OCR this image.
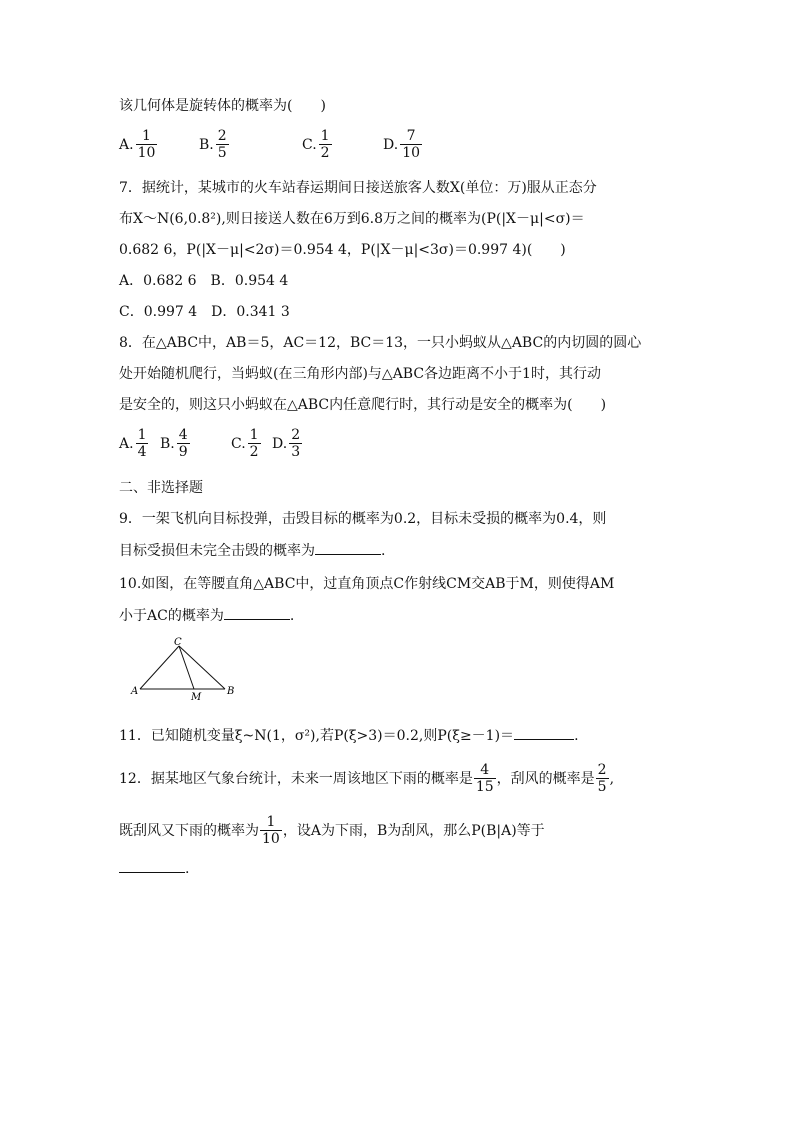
该几何体是旋转体的概率为(　　)
A. $\frac{1}{10}$	B. $\frac{2}{5}$	C. $\frac{1}{2}$	D. $\frac{7}{10}$
7．据统计，某城市的火车站春运期间日接送旅客人数X(单位：万)服从正态分
布X～N(6,0.8²),则日接送人数在6万到6.8万之间的概率为(P(|X－μ|<σ)＝
0.682 6，P(|X－μ|<2σ)＝0.954 4，P(|X－μ|<3σ)＝0.997 4)(　　)
A．0.682 6　B．0.954 4
C．0.997 4　D．0.341 3
8．在△ABC中，AB＝5，AC＝12，BC＝13，一只小蚂蚁从△ABC的内切圆的圆心
处开始随机爬行，当蚂蚁(在三角形内部)与△ABC各边距离不小于1时，其行动
是安全的，则这只小蚂蚁在△ABC内任意爬行时，其行动是安全的概率为(　　)
A. $\frac{1}{4} B$. $\frac{4}{9}$	C. $\frac{1}{2} D$. $\frac{2}{3}$
二、非选择题
9．一架飞机向目标投弹，击毁目标的概率为0.2，目标未受损的概率为0.4，则
目标受损但未完全击毁的概率为	.
10.如图，在等腰直角△ABC中，过直角顶点C作射线CM交AB于M，则使得AM
小于AC的概率为	.
C
A
M
B
11．已知随机变量ξ~N(1，σ²),若P(ξ>3)＝0.2,则P(ξ≥－1)＝	.
12．据某地区气象台统计，未来一周该地区下雨的概率是 $\frac{4}{15}$ ，刮风的概率是 $\frac{2}{5}$ ,
既刮风又下雨的概率为 $\frac{1}{10}$ ，设A为下雨，B为刮风，那么P(B|A)等于
.
